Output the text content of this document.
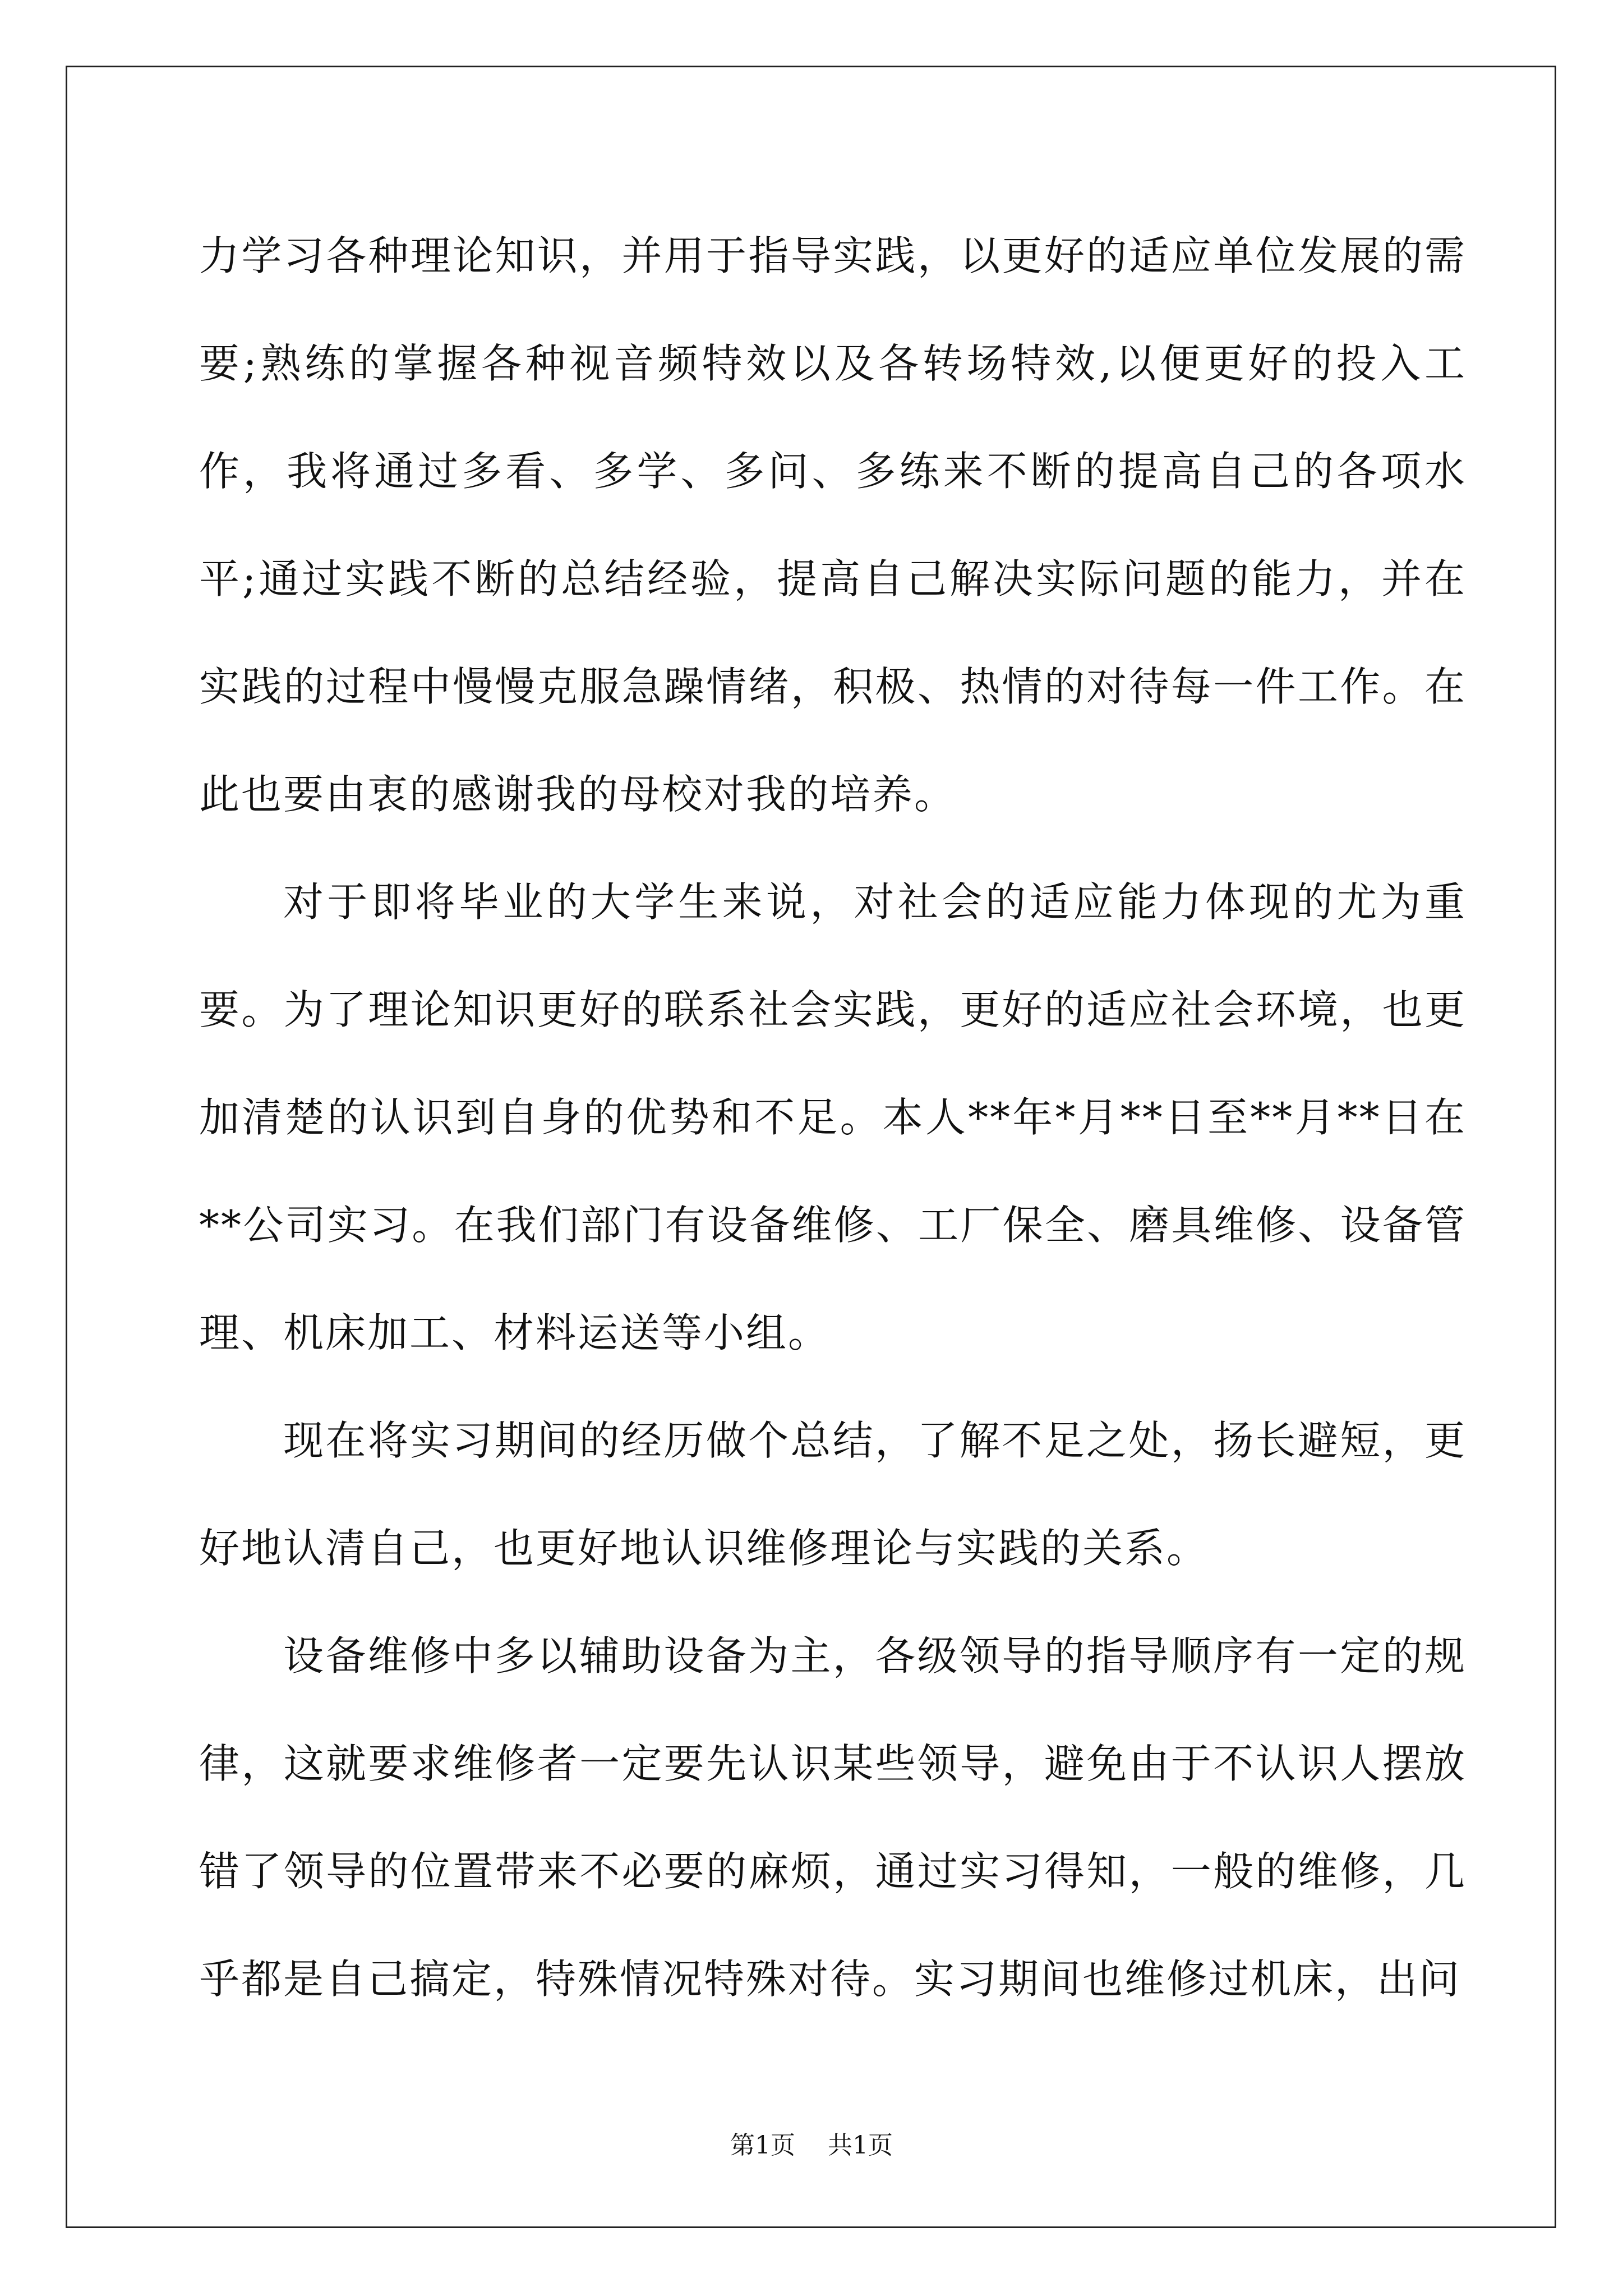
力学习各种理论知识，并用于指导实践，以更好的适应单位发展的需要;熟练的掌握各种视音频特效以及各转场特效,以便更好的投入工作，我将通过多看、多学、多问、多练来不断的提高自己的各项水平;通过实践不断的总结经验，提高自己解决实际问题的能力，并在实践的过程中慢慢克服急躁情绪，积极、热情的对待每一件工作。在此也要由衷的感谢我的母校对我的培养。

对于即将毕业的大学生来说，对社会的适应能力体现的尤为重要。为了理论知识更好的联系社会实践，更好的适应社会环境，也更加清楚的认识到自身的优势和不足。本人**年*月**日至**月**日在**公司实习。在我们部门有设备维修、工厂保全、磨具维修、设备管理、机床加工、材料运送等小组。

现在将实习期间的经历做个总结，了解不足之处，扬长避短，更好地认清自己，也更好地认识维修理论与实践的关系。

设备维修中多以辅助设备为主，各级领导的指导顺序有一定的规律，这就要求维修者一定要先认识某些领导，避免由于不认识人摆放错了领导的位置带来不必要的麻烦，通过实习得知，一般的维修，几乎都是自己搞定，特殊情况特殊对待。实习期间也维修过机床，出问

第1页 共1页
